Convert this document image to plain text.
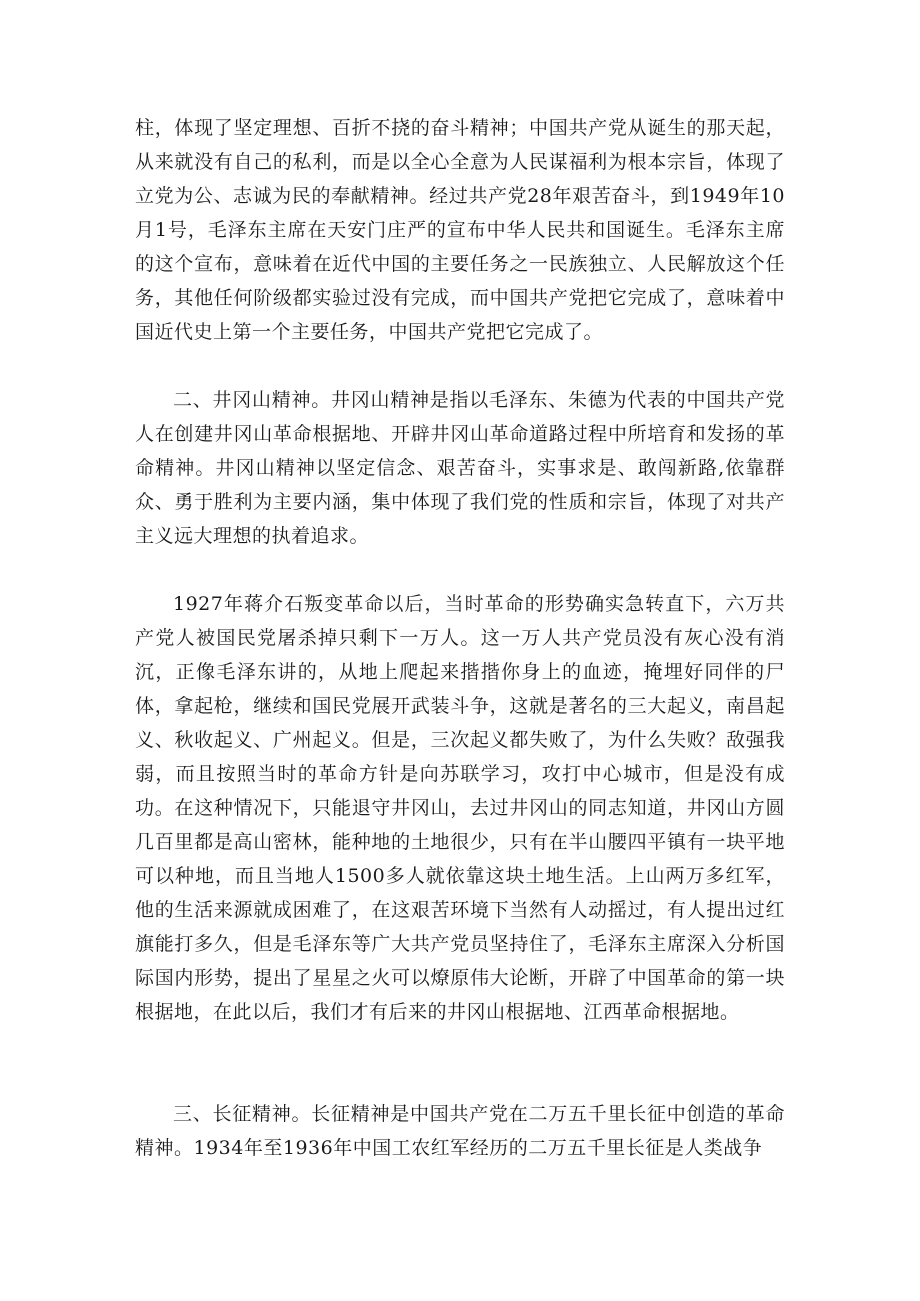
柱，体现了坚定理想、百折不挠的奋斗精神；中国共产党从诞生的那天起，从来就没有自己的私利，而是以全心全意为人民谋福利为根本宗旨，体现了立党为公、志诚为民的奉献精神。经过共产党28年艰苦奋斗，到1949年10月1号，毛泽东主席在天安门庄严的宣布中华人民共和国诞生。毛泽东主席的这个宣布，意味着在近代中国的主要任务之一民族独立、人民解放这个任务，其他任何阶级都实验过没有完成，而中国共产党把它完成了，意味着中国近代史上第一个主要任务，中国共产党把它完成了。

二、井冈山精神。井冈山精神是指以毛泽东、朱德为代表的中国共产党人在创建井冈山革命根据地、开辟井冈山革命道路过程中所培育和发扬的革命精神。井冈山精神以坚定信念、艰苦奋斗，实事求是、敢闯新路,依靠群众、勇于胜利为主要内涵，集中体现了我们党的性质和宗旨，体现了对共产主义远大理想的执着追求。

1927年蒋介石叛变革命以后，当时革命的形势确实急转直下，六万共产党人被国民党屠杀掉只剩下一万人。这一万人共产党员没有灰心没有消沉，正像毛泽东讲的，从地上爬起来揩揩你身上的血迹，掩埋好同伴的尸体，拿起枪，继续和国民党展开武装斗争，这就是著名的三大起义，南昌起义、秋收起义、广州起义。但是，三次起义都失败了，为什么失败？敌强我弱，而且按照当时的革命方针是向苏联学习，攻打中心城市，但是没有成功。在这种情况下，只能退守井冈山，去过井冈山的同志知道，井冈山方圆几百里都是高山密林，能种地的土地很少，只有在半山腰四平镇有一块平地可以种地，而且当地人1500多人就依靠这块土地生活。上山两万多红军，他的生活来源就成困难了，在这艰苦环境下当然有人动摇过，有人提出过红旗能打多久，但是毛泽东等广大共产党员坚持住了，毛泽东主席深入分析国际国内形势，提出了星星之火可以燎原伟大论断，开辟了中国革命的第一块根据地，在此以后，我们才有后来的井冈山根据地、江西革命根据地。

三、长征精神。长征精神是中国共产党在二万五千里长征中创造的革命精神。1934年至1936年中国工农红军经历的二万五千里长征是人类战争
